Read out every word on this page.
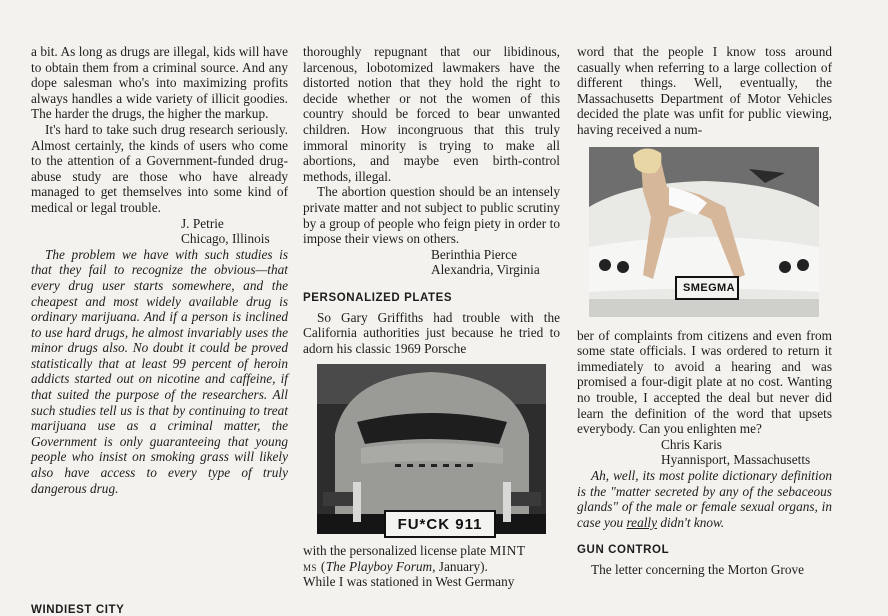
a bit. As long as drugs are illegal, kids will have to obtain them from a criminal source. And any dope salesman who's into maximizing profits always handles a wide variety of illicit goodies. The harder the drugs, the higher the markup.

It's hard to take such drug research seriously. Almost certainly, the kinds of users who come to the attention of a Government-funded drug-abuse study are those who have already managed to get themselves into some kind of medical or legal trouble.

J. Petrie
Chicago, Illinois

The problem we have with such studies is that they fail to recognize the obvious—that every drug user starts somewhere, and the cheapest and most widely available drug is ordinary marijuana. And if a person is inclined to use hard drugs, he almost invariably uses the minor drugs also. No doubt it could be proved statistically that at least 99 percent of heroin addicts started out on nicotine and caffeine, if that suited the purpose of the researchers. All such studies tell us is that by continuing to treat marijuana use as a criminal matter, the Government is only guaranteeing that young people who insist on smoking grass will likely also have access to every type of truly dangerous drug.

WINDIEST CITY

thoroughly repugnant that our libidinous, larcenous, lobotomized lawmakers have the distorted notion that they hold the right to decide whether or not the women of this country should be forced to bear unwanted children. How incongruous that this truly immoral minority is trying to make all abortions, and maybe even birth-control methods, illegal.

The abortion question should be an intensely private matter and not subject to public scrutiny by a group of people who feign piety in order to impose their views on others.

Berinthia Pierce
Alexandria, Virginia
PERSONALIZED PLATES

So Gary Griffiths had trouble with the California authorities just because he tried to adorn his classic 1969 Porsche

FU*CK 911

with the personalized license plate MINT
ms (The Playboy Forum, January).
While I was stationed in West Germany

word that the people I know toss around casually when referring to a large collection of different things. Well, eventually, the Massachusetts Department of Motor Vehicles decided the plate was unfit for public viewing, having received a num-

SMEGMA

ber of complaints from citizens and even from some state officials. I was ordered to return it immediately to avoid a hearing and was promised a four-digit plate at no cost. Wanting no trouble, I accepted the deal but never did learn the definition of the word that upsets everybody. Can you enlighten me?

Chris Karis
Hyannisport, Massachusetts

Ah, well, its most polite dictionary definition is the "matter secreted by any of the sebaceous glands" of the male or female sexual organs, in case you really didn't know.

GUN CONTROL

The letter concerning the Morton Grove
